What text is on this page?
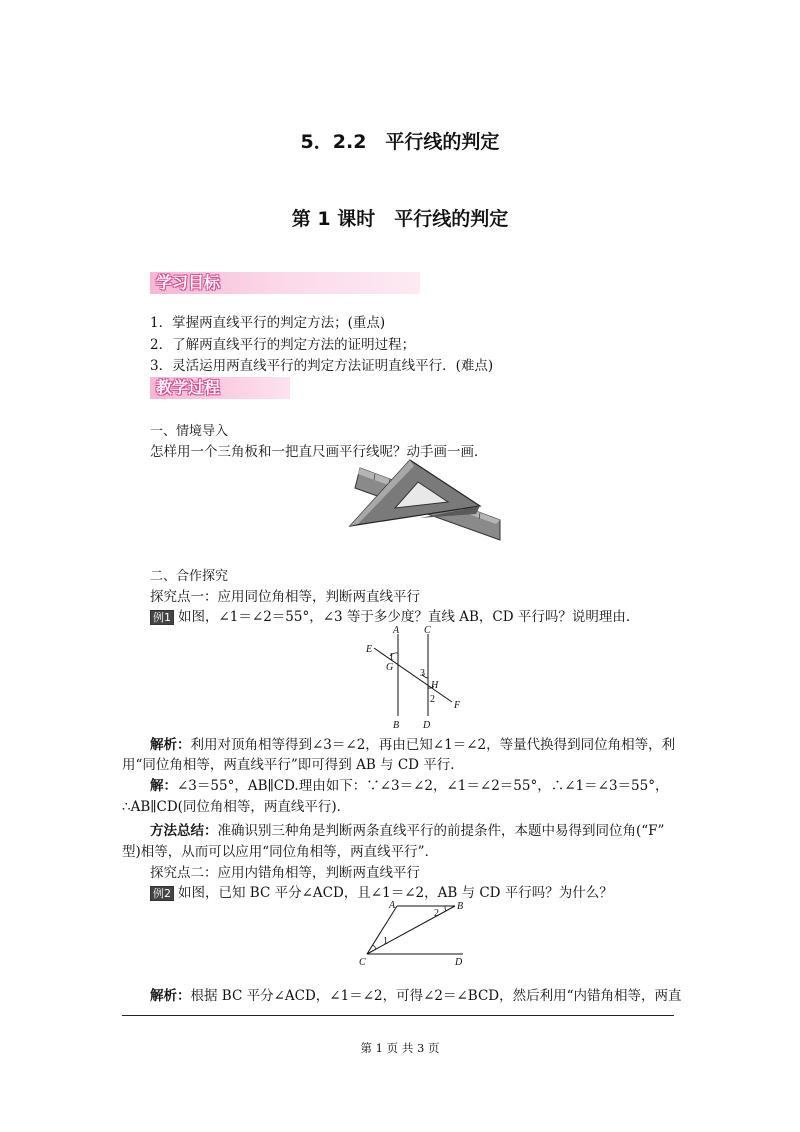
5．2.2　平行线的判定
第 1 课时　平行线的判定
学习目标
1．掌握两直线平行的判定方法；(重点)
2．了解两直线平行的判定方法的证明过程；
3．灵活运用两直线平行的判定方法证明直线平行．(难点)
教学过程
一、情境导入
怎样用一个三角板和一把直尺画平行线呢？动手画一画．
二、合作探究
探究点一：应用同位角相等，判断两直线平行
例1 如图，∠1＝∠2＝55°，∠3 等于多少度？直线 AB，CD 平行吗？说明理由．
A C
E
G
H
F
B D
1
3
2
解析：利用对顶角相等得到∠3＝∠2，再由已知∠1＝∠2，等量代换得到同位角相等，利
用“同位角相等，两直线平行”即可得到 AB 与 CD 平行．
解：∠3＝55°，AB∥CD.理由如下：∵∠3＝∠2，∠1＝∠2＝55°，∴∠1＝∠3＝55°，
∴AB∥CD(同位角相等，两直线平行)．
方法总结：准确识别三种角是判断两条直线平行的前提条件，本题中易得到同位角(“F”
型)相等，从而可以应用“同位角相等，两直线平行”．
探究点二：应用内错角相等，判断两直线平行
例2 如图，已知 BC 平分∠ACD，且∠1＝∠2，AB 与 CD 平行吗？为什么？
A	B
C	D
2
1
解析：根据 BC 平分∠ACD，∠1＝∠2，可得∠2＝∠BCD，然后利用“内错角相等，两直
第 1 页 共 3 页
